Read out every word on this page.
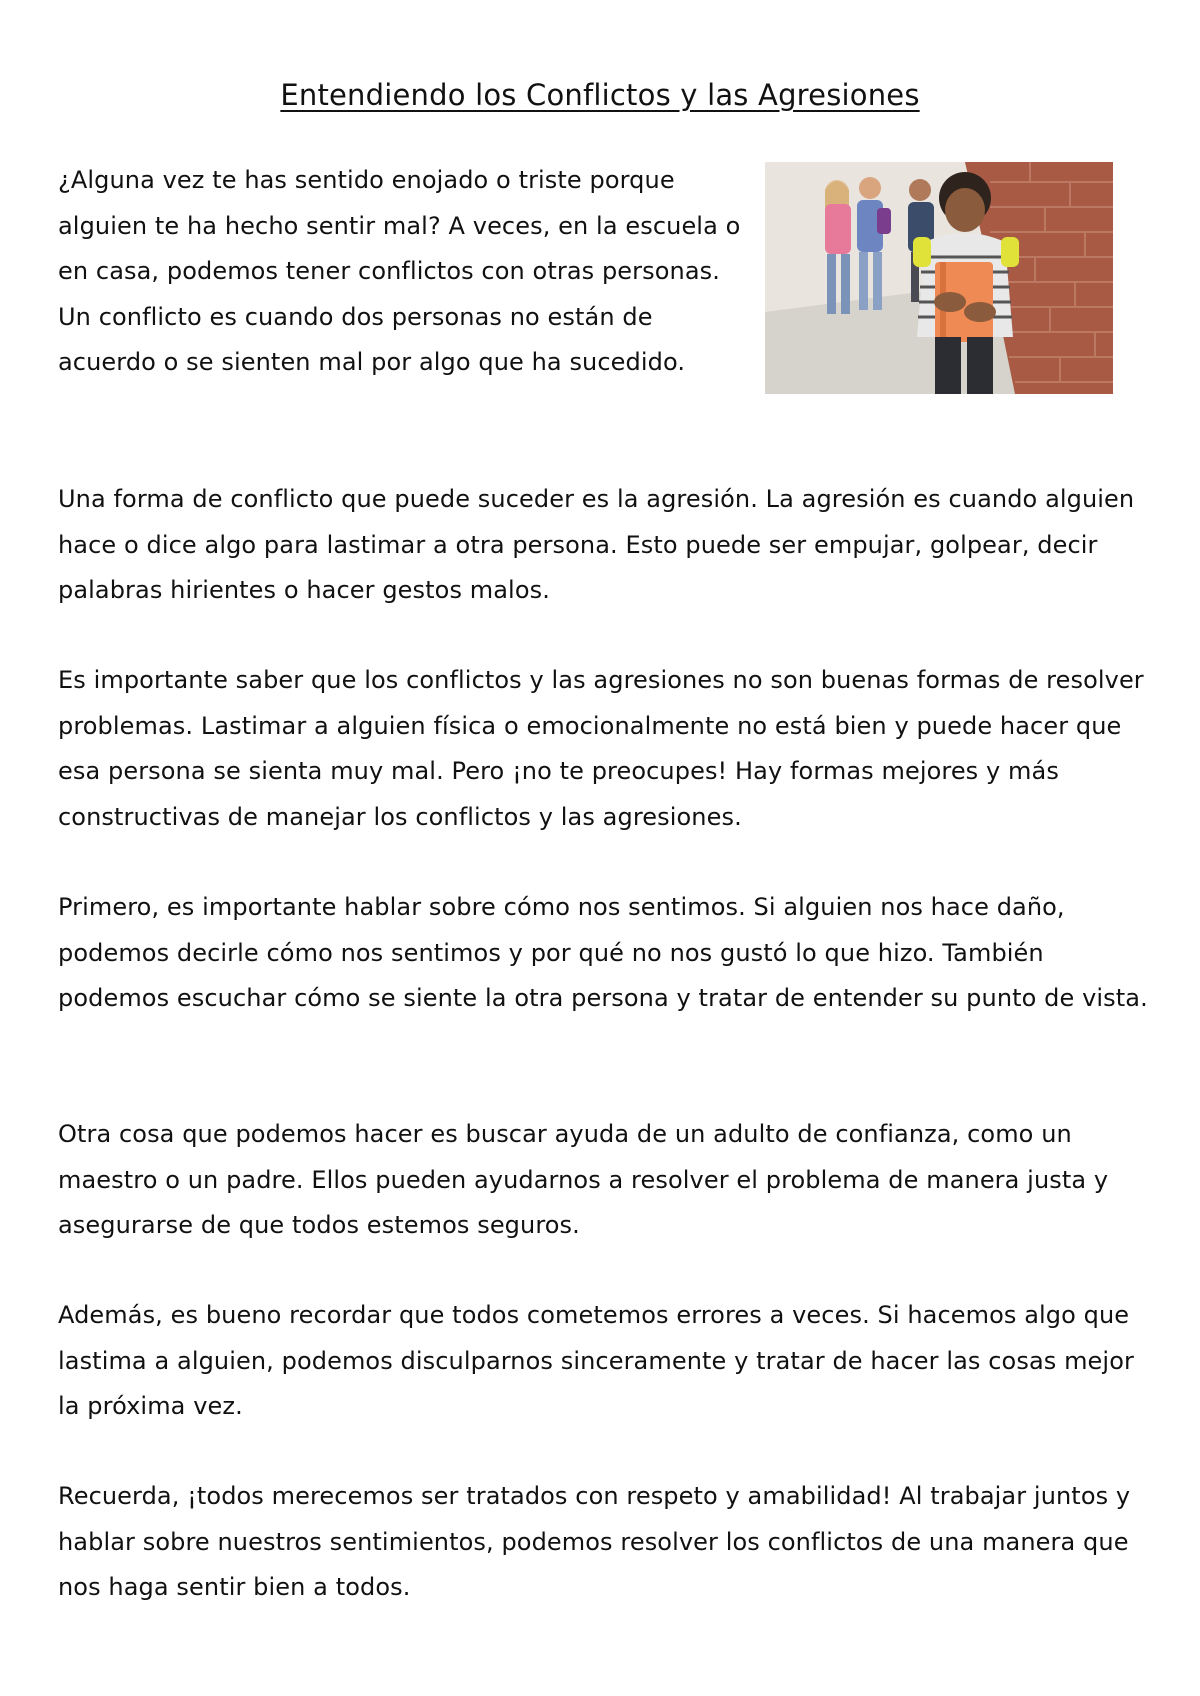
Entendiendo los Conflictos y las Agresiones

¿Alguna vez te has sentido enojado o triste porque alguien te ha hecho sentir mal? A veces, en la escuela o en casa, podemos tener conflictos con otras personas. Un conflicto es cuando dos personas no están de acuerdo o se sienten mal por algo que ha sucedido.

Una forma de conflicto que puede suceder es la agresión. La agresión es cuando alguien hace o dice algo para lastimar a otra persona. Esto puede ser empujar, golpear, decir palabras hirientes o hacer gestos malos.

Es importante saber que los conflictos y las agresiones no son buenas formas de resolver problemas. Lastimar a alguien física o emocionalmente no está bien y puede hacer que esa persona se sienta muy mal. Pero ¡no te preocupes! Hay formas mejores y más constructivas de manejar los conflictos y las agresiones.

Primero, es importante hablar sobre cómo nos sentimos. Si alguien nos hace daño, podemos decirle cómo nos sentimos y por qué no nos gustó lo que hizo. También podemos escuchar cómo se siente la otra persona y tratar de entender su punto de vista.

Otra cosa que podemos hacer es buscar ayuda de un adulto de confianza, como un maestro o un padre. Ellos pueden ayudarnos a resolver el problema de manera justa y asegurarse de que todos estemos seguros.

Además, es bueno recordar que todos cometemos errores a veces. Si hacemos algo que lastima a alguien, podemos disculparnos sinceramente y tratar de hacer las cosas mejor la próxima vez.

Recuerda, ¡todos merecemos ser tratados con respeto y amabilidad! Al trabajar juntos y hablar sobre nuestros sentimientos, podemos resolver los conflictos de una manera que nos haga sentir bien a todos.
